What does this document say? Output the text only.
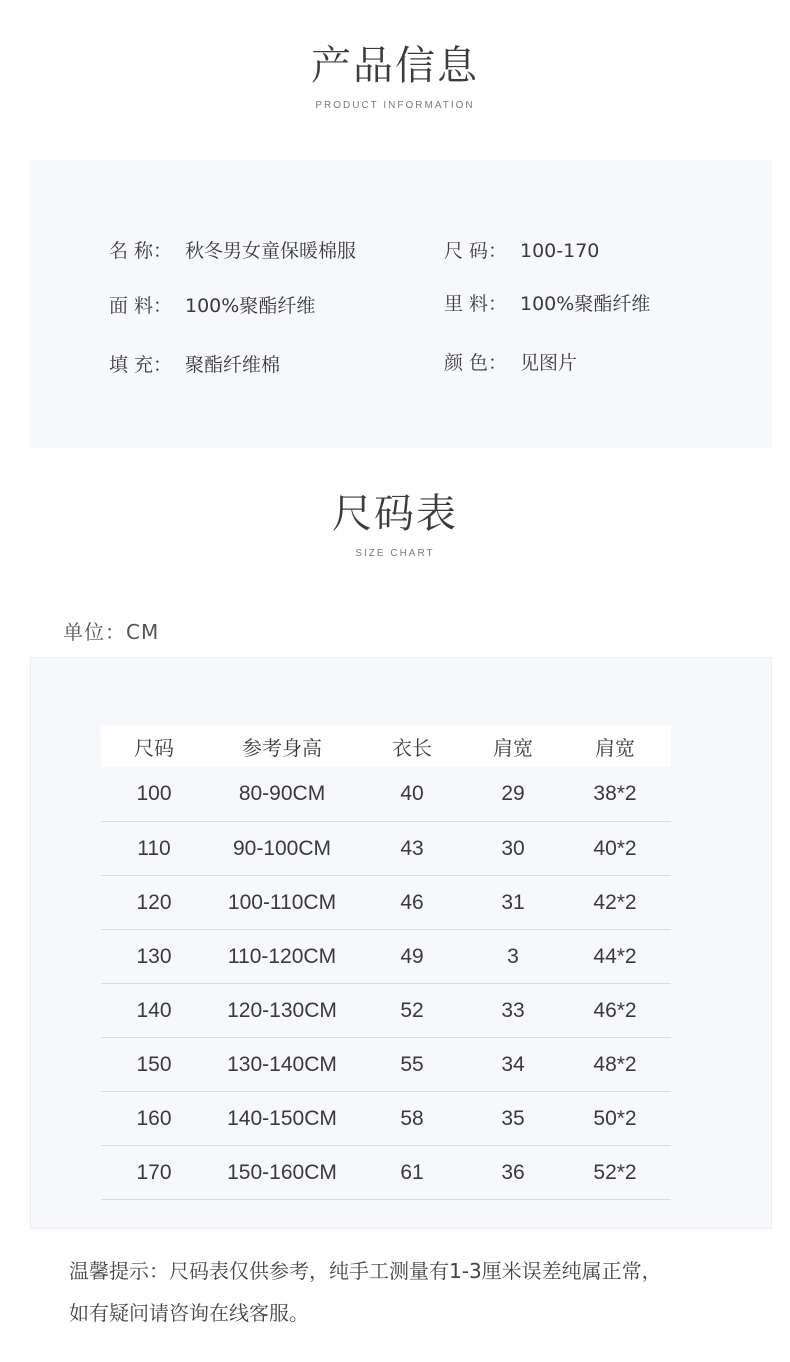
产品信息
PRODUCT INFORMATION
名 称： 秋冬男女童保暖棉服	尺 码： 100-170
面 料： 100%聚酯纤维	里 料： 100%聚酯纤维
填 充： 聚酯纤维棉	颜 色： 见图片
尺码表
SIZE CHART
单位：CM
尺码	参考身高	衣长	肩宽	肩宽
100	80-90CM	40	29	38*2
110	90-100CM	43	30	40*2
120	100-110CM	46	31	42*2
130	110-120CM	49	3	44*2
140	120-130CM	52	33	46*2
150	130-140CM	55	34	48*2
160	140-150CM	58	35	50*2
170	150-160CM	61	36	52*2
温馨提示：尺码表仅供参考，纯手工测量有1-3厘米误差纯属正常，
如有疑问请咨询在线客服。
